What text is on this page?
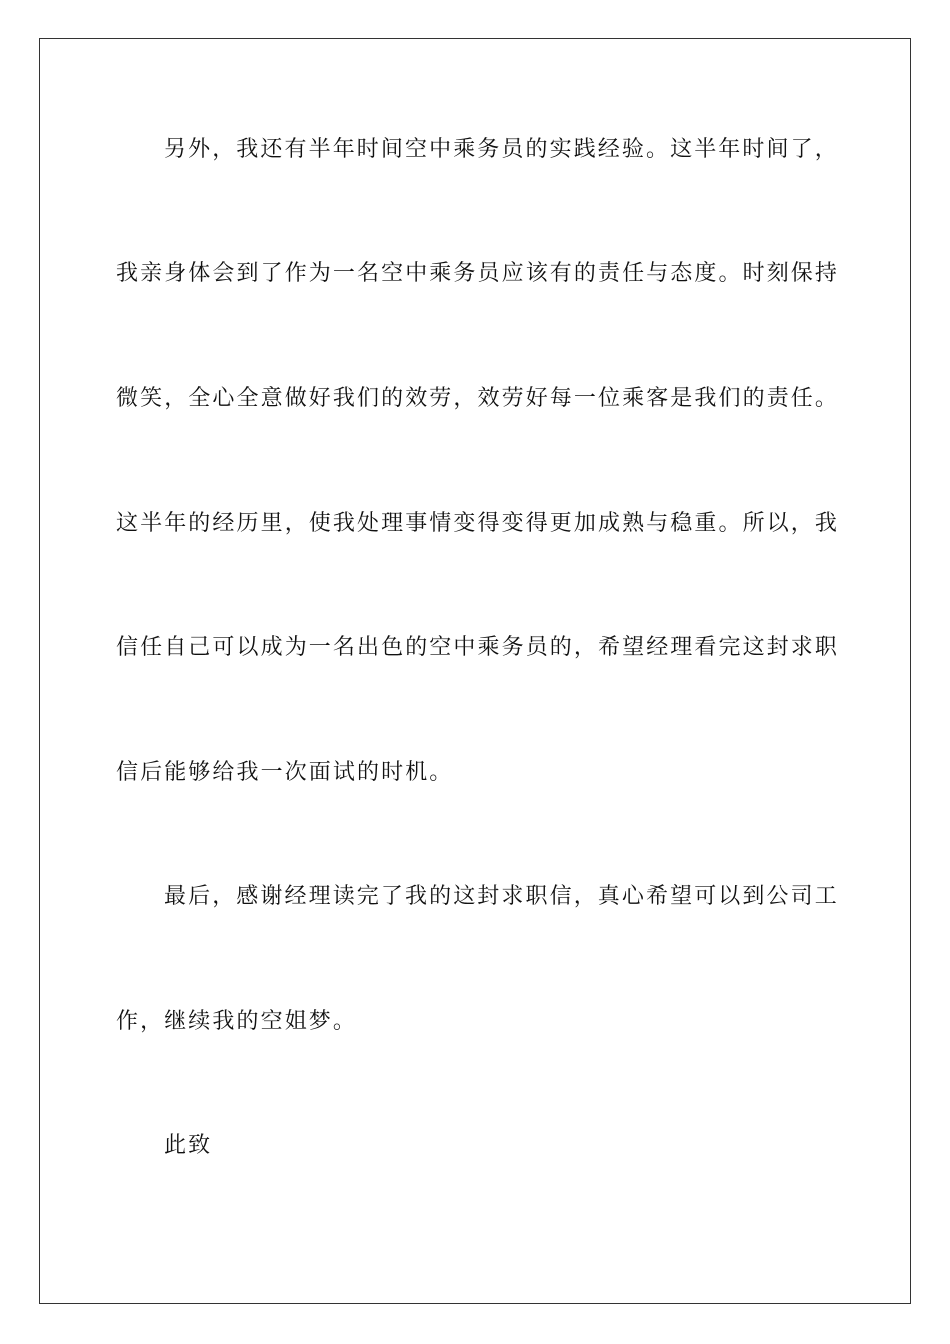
另外，我还有半年时间空中乘务员的实践经验。这半年时间了，
我亲身体会到了作为一名空中乘务员应该有的责任与态度。时刻保持
微笑，全心全意做好我们的效劳，效劳好每一位乘客是我们的责任。
这半年的经历里，使我处理事情变得变得更加成熟与稳重。所以，我
信任自己可以成为一名出色的空中乘务员的，希望经理看完这封求职
信后能够给我一次面试的时机。
最后，感谢经理读完了我的这封求职信，真心希望可以到公司工
作，继续我的空姐梦。
此致
